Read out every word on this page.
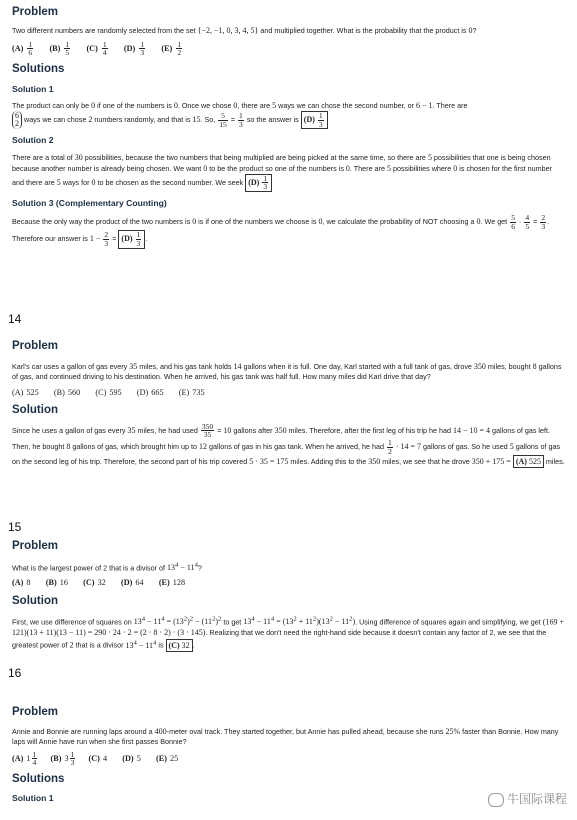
Problem

Two different numbers are randomly selected from the set {−2, −1, 0, 3, 4, 5} and multiplied together. What is the probability that the product is 0?

$(A) \frac{1}{6} (B) \frac{1}{5} (C) \frac{1}{4} (D) \frac{1}{3} (E) \frac{1}{2}$
Solutions
Solution 1

The product can only be 0 if one of the numbers is 0. Once we chose 0, there are 5 ways we can chose the second number, or 6 − 1. There are

6
2 ways we can chose 2 numbers randomly, and that is 15. So, $\frac{5}{15} = \frac{1}{3}$ so the answer is $(D) \frac{1}{3}$

Solution 2

There are a total of 30 possibilities, because the two numbers that being multiplied are being picked at the same time, so there are 5 possibilities that one is being chosen because another number is already being chosen. We want 0 to be the product so one of the numbers is 0. There are 5 possibilities where 0 is chosen for the first number and there are 5 ways for 0 to be chosen as the second number. We seek $(D) \frac{1}{3}$

Solution 3 (Complementary Counting)

Because the only way the product of the two numbers is 0 is if one of the numbers we choose is 0, we calculate the probability of NOT choosing a 0. We get $\frac{5}{6} \cdot \frac{4}{5} = \frac{2}{3}$ . Therefore our answer is $1 - \frac{2}{3} = (D) \frac{1}{3}$ .

14
Problem

Karl's car uses a gallon of gas every 35 miles, and his gas tank holds 14 gallons when it is full. One day, Karl started with a full tank of gas, drove 350 miles, bought 8 gallons of gas, and continued driving to his destination. When he arrived, his gas tank was half full. How many miles did Karl drive that day?

(A) 525     (B) 560     (C) 595     (D) 665     (E) 735
Solution

Since he uses a gallon of gas every 35 miles, he had used $\frac{350}{35} = 10$ gallons after 350 miles. Therefore, after the first leg of his trip he had 14 − 10 = 4 gallons of gas left. Then, he bought 8 gallons of gas, which brought him up to 12 gallons of gas in his gas tank. When he arrived, he had $\frac{1}{2} \cdot 14 = 7$ gallons of gas. So he used 5 gallons of gas on the second leg of his trip. Therefore, the second part of his trip covered 5 · 35 = 175 miles. Adding this to the 350 miles, we see that he drove 350 + 175 = (A) 525 miles.

15
Problem

What is the largest power of 2 that is a divisor of $13^4 - 11^4$?

(A) 8     (B) 16     (C) 32     (D) 64     (E) 128
Solution

First, we use difference of squares on $13^4 - 11^4 = (13^2)^2 - (11^2)^2$ to get $13^4 - 11^4 = (13^2 + 11^2)(13^2 - 11^2)$. Using difference of squares again and simplifying, we get (169 + 121)(13 + 11)(13 − 11) = 290 · 24 · 2 = (2 · 8 · 2) · (3 · 145). Realizing that we don't need the right-hand side because it doesn't contain any factor of 2, we see that the greatest power of 2 that is a divisor $13^4 - 11^4$ is (C) 32 .

16
Problem

Annie and Bonnie are running laps around a 400-meter oval track. They started together, but Annie has pulled ahead, because she runs 25% faster than Bonnie. How many laps will Annie have run when she first passes Bonnie?

(A) $1 \frac{1}{4} (B)$ $3 \frac{1}{3} (C)$ 4     (D) 5     (E) 25
Solutions
Solution 1	牛国际课程
